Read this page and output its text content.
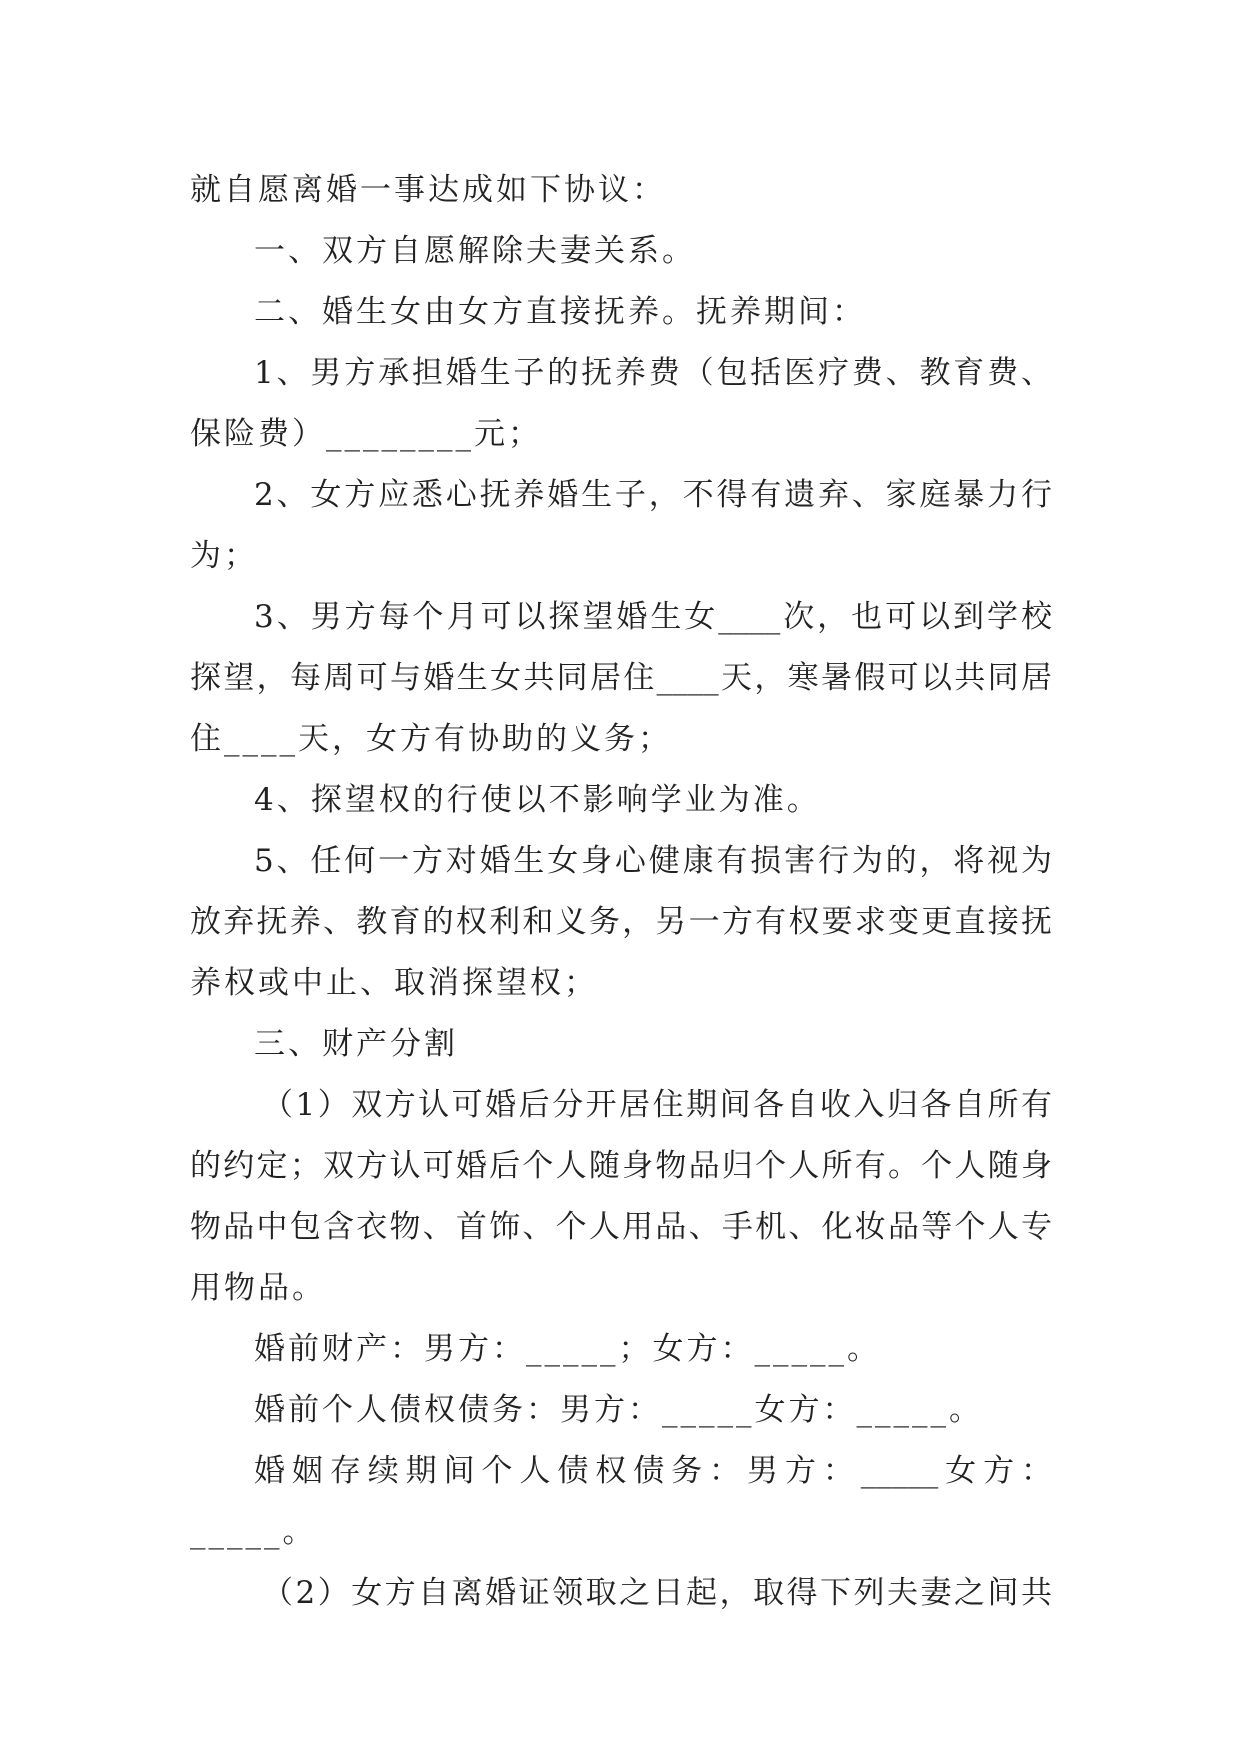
就自愿离婚一事达成如下协议：
一、双方自愿解除夫妻关系。
二、婚生女由女方直接抚养。抚养期间：
1、男方承担婚生子的抚养费（包括医疗费、教育费、
保险费）________元；
2、女方应悉心抚养婚生子，不得有遗弃、家庭暴力行
为；
3、男方每个月可以探望婚生女____次，也可以到学校
探望，每周可与婚生女共同居住____天，寒暑假可以共同居
住____天，女方有协助的义务；
4、探望权的行使以不影响学业为准。
5、任何一方对婚生女身心健康有损害行为的，将视为
放弃抚养、教育的权利和义务，另一方有权要求变更直接抚
养权或中止、取消探望权；
三、财产分割
（1）双方认可婚后分开居住期间各自收入归各自所有
的约定；双方认可婚后个人随身物品归个人所有。个人随身
物品中包含衣物、首饰、个人用品、手机、化妆品等个人专
用物品。
婚前财产：男方：_____；女方：_____。
婚前个人债权债务：男方：_____女方：_____。
婚姻存续期间个人债权债务：男方：_____女方：
_____。
（2）女方自离婚证领取之日起，取得下列夫妻之间共
